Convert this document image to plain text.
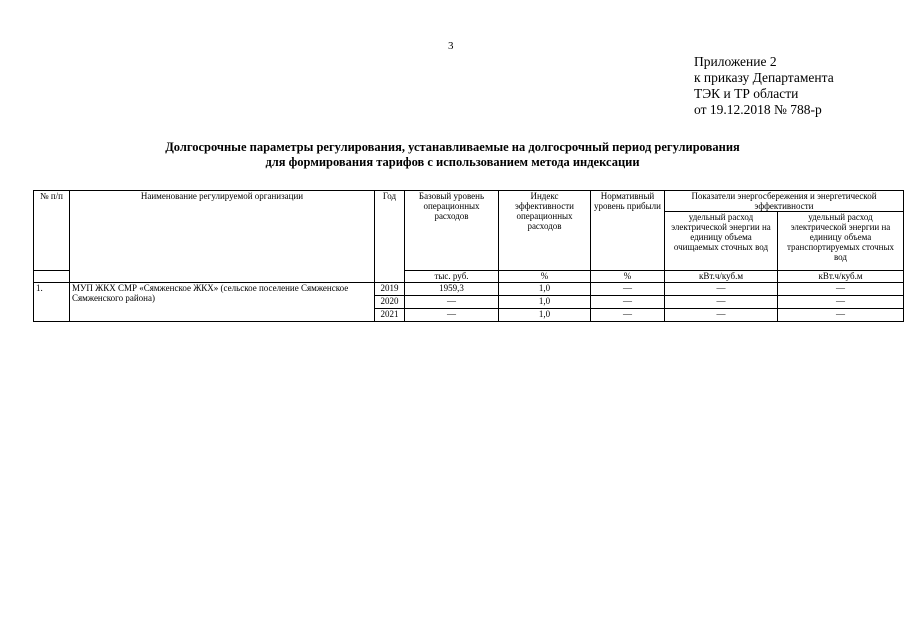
3
Приложение 2
к приказу Департамента
ТЭК и ТР области
от 19.12.2018 № 788-р
Долгосрочные параметры регулирования, устанавливаемые на долгосрочный период регулирования
для формирования тарифов с использованием метода индексации
№ п/п	Наименование регулируемой организации	Год	Базовый уровень операционных расходов	Индекс эффективности операционных расходов	Нормативный уровень прибыли	Показатели энергосбережения и энергетической эффективности	
						удельный расход электрической энергии на единицу объема очищаемых сточных вод	удельный расход электрической энергии на единицу объема транспортируемых сточных вод
			тыс. руб.	%	%	кВт.ч/куб.м	кВт.ч/куб.м
1.	МУП ЖКХ СМР «Сямженское ЖКХ» (сельское поселение Сямженское Сямженского района)	2019	1959,3	1,0	—	—	—
		2020	—	1,0	—	—	—
		2021	—	1,0	—	—	—
